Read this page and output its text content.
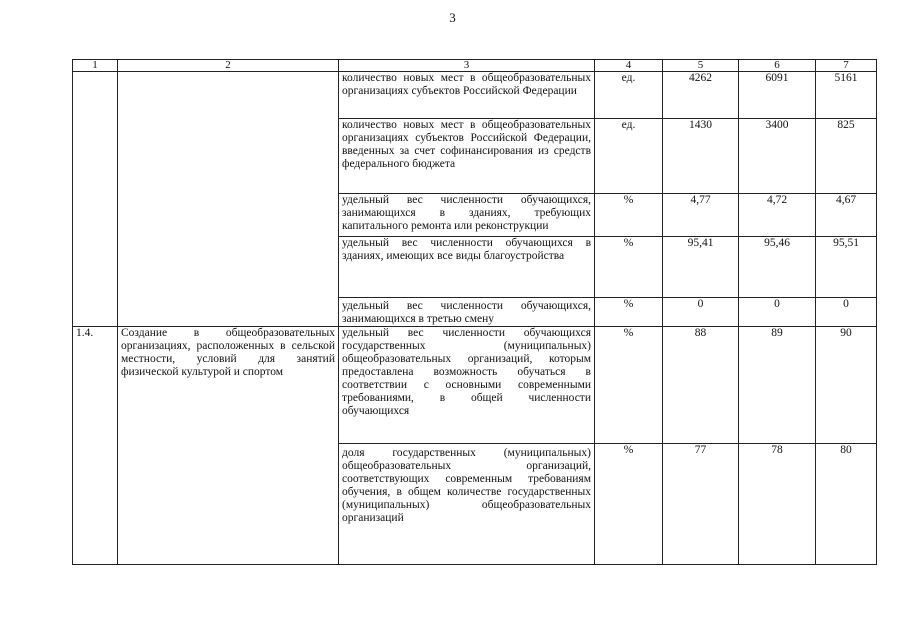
3
1	2	3	4	5	6	7
		количество новых мест в общеобразовательных организациях субъектов Российской Федерации	ед.	4262	6091	5161
		количество новых мест в общеобразовательных организациях субъектов Российской Федерации, введенных за счет софинансирования из средств федерального бюджета	ед.	1430	3400	825
		удельный вес численности обучающихся, занимающихся в зданиях, требующих капитального ремонта или реконструкции	%	4,77	4,72	4,67
		удельный вес численности обучающихся в зданиях, имеющих все виды благоустройства	%	95,41	95,46	95,51
		удельный вес численности обучающихся, занимающихся в третью смену	%	0	0	0
1.4.	Создание в общеобразовательных организациях, расположенных в сельской местности, условий для занятий физической культурой и спортом	удельный вес численности обучающихся государственных (муниципальных) общеобразовательных организаций, которым предоставлена возможность обучаться в соответствии с основными современными требованиями, в общей численности обучающихся	%	88	89	90
		доля государственных (муниципальных) общеобразовательных организаций, соответствующих современным требованиям обучения, в общем количестве государственных (муниципальных) общеобразовательных организаций	%	77	78	80
